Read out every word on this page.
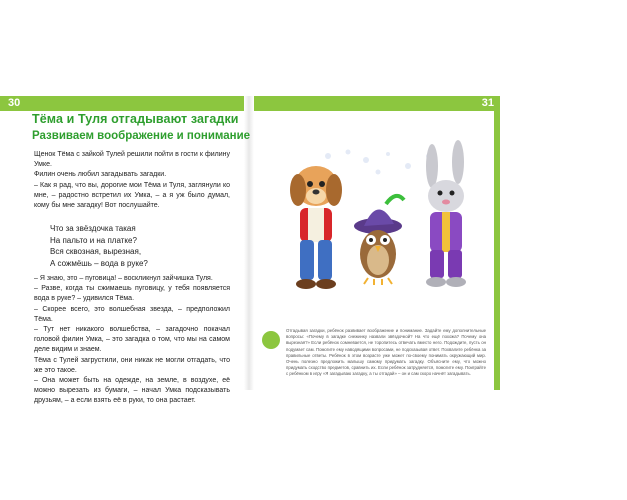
30	Развиваем воображение и понимание
31
Тёма и Туля отгадывают загадки
Развиваем воображение и понимание

Щенок Тёма с зайкой Тулей решили пойти в гости к филину Умке.

Филин очень любил загадывать загадки.

– Как я рад, что вы, дорогие мои Тёма и Туля, заглянули ко мне, – радостно встретил их Умка, – а я уж было думал, кому бы мне загадку! Вот послушайте.

Что за звёздочка такая
На пальто и на платке?
Вся сквозная, вырезная,
А сожмёшь – вода в руке?

– Я знаю, это – пуговица! – воскликнул зайчишка Туля.

– Разве, когда ты сжимаешь пуговицу, у тебя появляется вода в руке? – удивился Тёма.

– Скорее всего, это волшебная звезда, – предположил Тёма.

– Тут нет никакого волшебства, – загадочно покачал головой филин Умка, – это загадка о том, что мы на самом деле видим и знаем.

Тёма с Тулей загрустили, они никак не могли отгадать, что же это такое.

– Она может быть на одежде, на земле, в воздухе, её можно вырезать из бумаги, – начал Умка подсказывать друзьям, – а если взять её в руки, то она растает.

Отгадывая загадки, ребёнок развивает воображение и понимание. Задайте ему дополнительные вопросы: «Почему в загадке снежинку назвали звёздочкой? На что ещё похожа? Почему она вырезная?» Если ребёнок сомневается, не торопитесь отвечать вместо него. Подождите, пусть он подумает сам. Помогите ему наводящими вопросами, не подсказывая ответ. Похвалите ребёнка за правильные ответы. Ребёнок в этом возрасте уже может по-своему понимать окружающий мир. Очень полезно предложить малышу самому придумать загадку. Объясните ему, что можно придумать сходство предметов, сравнить их. Если ребёнок затрудняется, помогите ему. Поиграйте с ребёнком в игру «Я загадываю загадку, а ты отгадай» – он и сам скоро начнёт загадывать.
